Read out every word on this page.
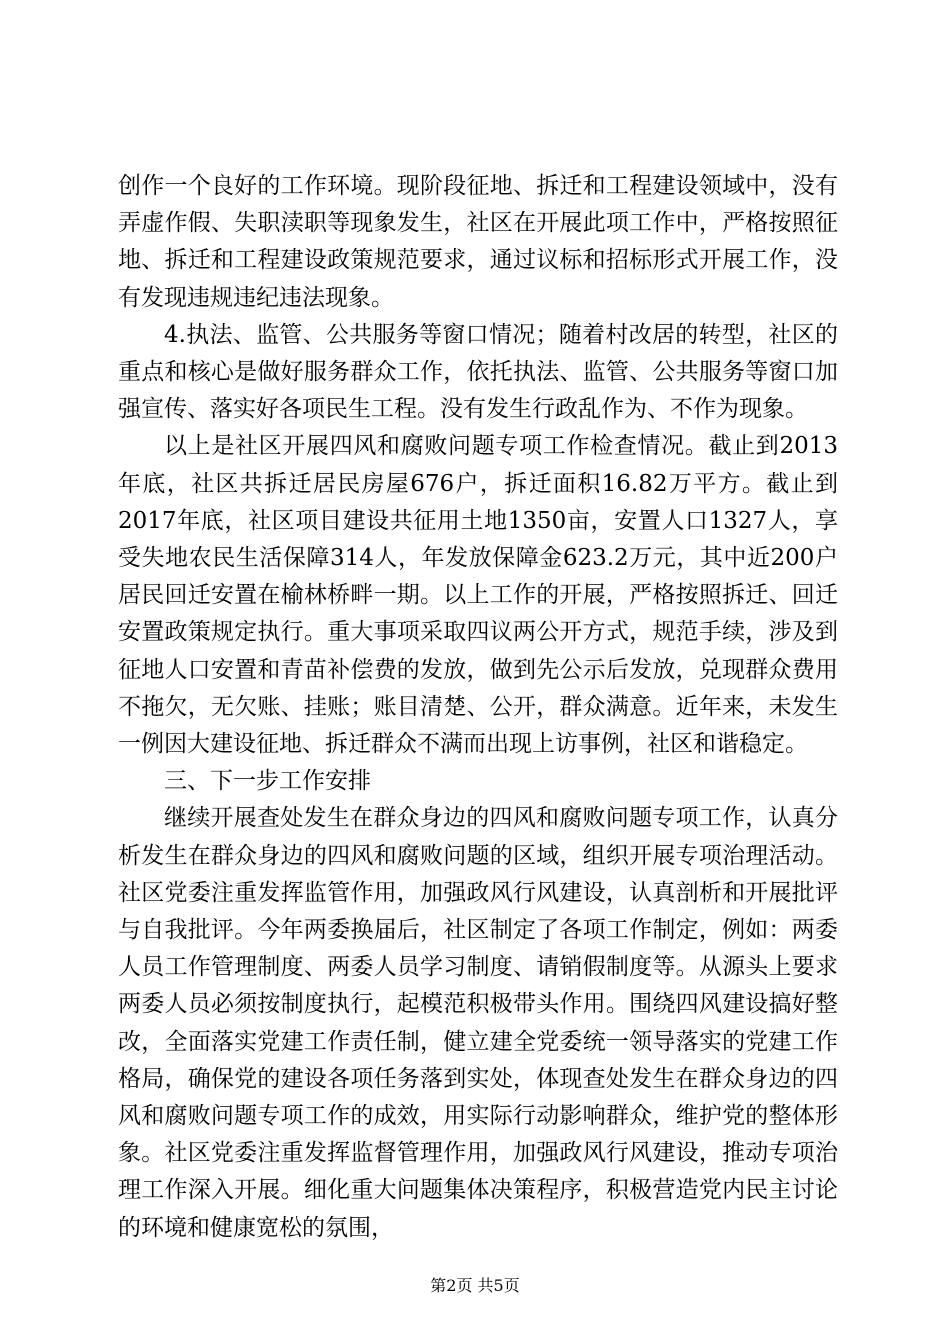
创作一个良好的工作环境。现阶段征地、拆迁和工程建设领域中，没有弄虚作假、失职渎职等现象发生，社区在开展此项工作中，严格按照征地、拆迁和工程建设政策规范要求，通过议标和招标形式开展工作，没有发现违规违纪违法现象。

4.执法、监管、公共服务等窗口情况；随着村改居的转型，社区的重点和核心是做好服务群众工作，依托执法、监管、公共服务等窗口加强宣传、落实好各项民生工程。没有发生行政乱作为、不作为现象。

以上是社区开展四风和腐败问题专项工作检查情况。截止到2013年底，社区共拆迁居民房屋676户，拆迁面积16.82万平方。截止到2017年底，社区项目建设共征用土地1350亩，安置人口1327人，享受失地农民生活保障314人，年发放保障金623.2万元，其中近200户居民回迁安置在榆林桥畔一期。以上工作的开展，严格按照拆迁、回迁安置政策规定执行。重大事项采取四议两公开方式，规范手续，涉及到征地人口安置和青苗补偿费的发放，做到先公示后发放，兑现群众费用不拖欠，无欠账、挂账；账目清楚、公开，群众满意。近年来，未发生一例因大建设征地、拆迁群众不满而出现上访事例，社区和谐稳定。

三、下一步工作安排

继续开展查处发生在群众身边的四风和腐败问题专项工作，认真分析发生在群众身边的四风和腐败问题的区域，组织开展专项治理活动。社区党委注重发挥监管作用，加强政风行风建设，认真剖析和开展批评与自我批评。今年两委换届后，社区制定了各项工作制定，例如：两委人员工作管理制度、两委人员学习制度、请销假制度等。从源头上要求两委人员必须按制度执行，起模范积极带头作用。围绕四风建设搞好整改，全面落实党建工作责任制，健立建全党委统一领导落实的党建工作格局，确保党的建设各项任务落到实处，体现查处发生在群众身边的四风和腐败问题专项工作的成效，用实际行动影响群众，维护党的整体形象。社区党委注重发挥监督管理作用，加强政风行风建设，推动专项治理工作深入开展。细化重大问题集体决策程序，积极营造党内民主讨论的环境和健康宽松的氛围，

第2页 共5页
